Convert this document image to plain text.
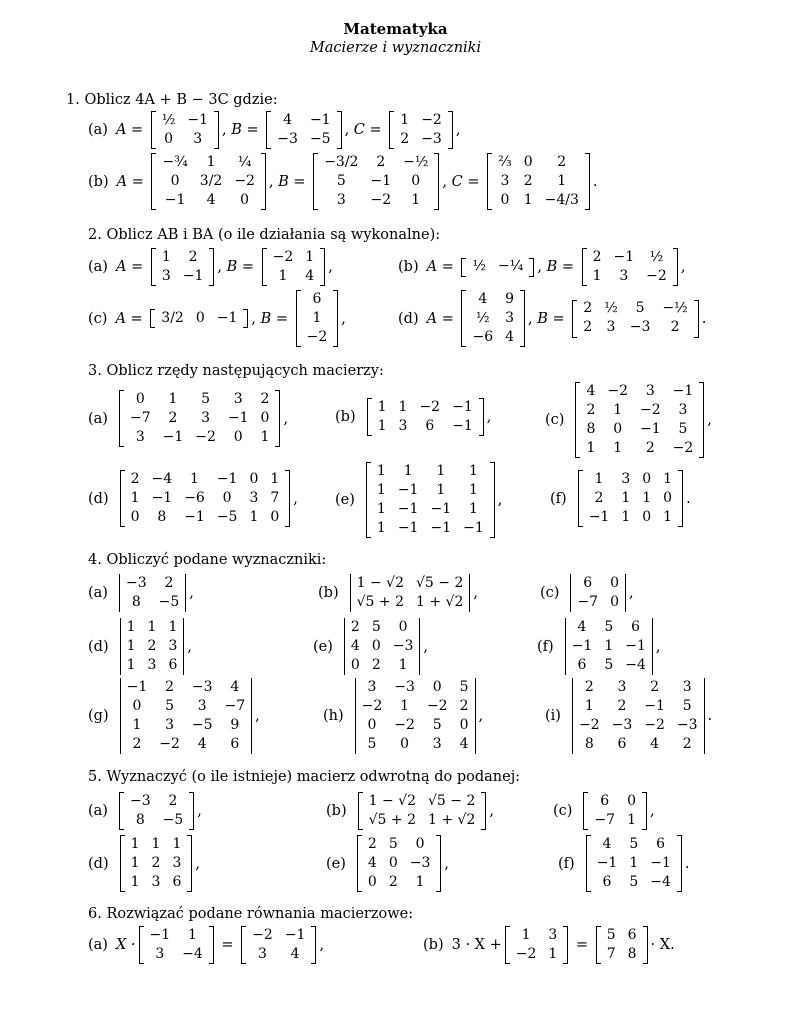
Matematyka
Macierze i wyznaczniki
1. Oblicz 4A + B − 3C gdzie:
(a) A =
½	−1
0	3
, B =
4	−1
−3	−5
, C =
1	−2
2	−3
,
(b) A =
−¾	1	¼
0	3/2	−2
−1	4	0
, B =
−3/2	2	−½
5	−1	0
3	−2	1
, C =
⅔	0	2
3	2	1
0	1	−4/3
.
2. Oblicz AB i BA (o ile działania są wykonalne):
(a) A =
1	2
3	−1
, B =
−2	1
1	4
,	(b) A = ½	−¼ , B =
2	−1	½
1	3	−2
,
(c) A = 3/2	0	−1 , B =
6
1
−2
,	(d) A =
4	9
½	3
−6	4
, B =
2	½	5	−½
2	3	−3	2
.
3. Oblicz rzędy następujących macierzy:
(a)
0	1	5	3	2
−7	2	3	−1	0
3	−1	−2	0	1
,	(b)
1	1	−2	−1
1	3	6	−1
,	(c)
4	−2	3	−1
2	1	−2	3
8	0	−1	5
1	1	2	−2
,
(d)
2	−4	1	−1	0	1
1	−1	−6	0	3	7
0	8	−1	−5	1	0
,	(e)
1	1	1	1
1	−1	1	1
1	−1	−1	1
1	−1	−1	−1
,	(f)
1	3	0	1
2	1	1	0
−1	1	0	1
.
4. Obliczyć podane wyznaczniki:
(a)
−3	2
8	−5
,	(b)
1 − √2	√5 − 2
√5 + 2	1 + √2
,	(c)
6	0
−7	0
,
(d)
1	1	1
1	2	3
1	3	6
,	(e)
2	5	0
4	0	−3
0	2	1
,	(f)
4	5	6
−1	1	−1
6	5	−4
,
(g)
−1	2	−3	4
0	5	3	−7
1	3	−5	9
2	−2	4	6
,	(h)
3	−3	0	5
−2	1	−2	2
0	−2	5	0
5	0	3	4
,	(i)
2	3	2	3
1	2	−1	5
−2	−3	−2	−3
8	6	4	2
.
5. Wyznaczyć (o ile istnieje) macierz odwrotną do podanej:
(a)
−3	2
8	−5
,	(b)
1 − √2	√5 − 2
√5 + 2	1 + √2
,	(c)
6	0
−7	1
,
(d)
1	1	1
1	2	3
1	3	6
,	(e)
2	5	0
4	0	−3
0	2	1
,	(f)
4	5	6
−1	1	−1
6	5	−4
.
6. Rozwiązać podane równania macierzowe:
(a) X ·
−1	1
3	−4
=
−2	−1
3	4
,	(b) 3 · X +
1	3
−2	1
=
5	6
7	8
· X.
